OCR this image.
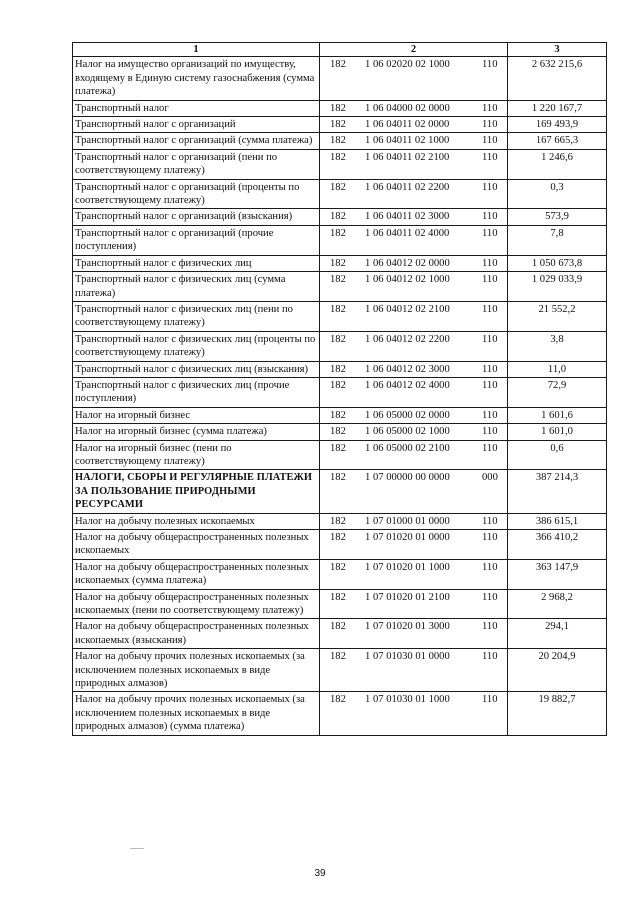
1	2	3
Налог на имущество организаций по имуществу, входящему в Единую систему газоснабжения (сумма платежа)	182 1 06 02020 02 1000 110	2 632 215,6
Транспортный налог	182 1 06 04000 02 0000 110	1 220 167,7
Транспортный налог с организаций	182 1 06 04011 02 0000 110	169 493,9
Транспортный налог с организаций (сумма платежа)	182 1 06 04011 02 1000 110	167 665,3
Транспортный налог с организаций (пени по соответствующему платежу)	182 1 06 04011 02 2100 110	1 246,6
Транспортный налог с организаций (проценты по соответствующему платежу)	182 1 06 04011 02 2200 110	0,3
Транспортный налог с организаций (взыскания)	182 1 06 04011 02 3000 110	573,9
Транспортный налог с организаций (прочие поступления)	182 1 06 04011 02 4000 110	7,8
Транспортный налог с физических лиц	182 1 06 04012 02 0000 110	1 050 673,8
Транспортный налог с физических лиц (сумма платежа)	182 1 06 04012 02 1000 110	1 029 033,9
Транспортный налог с физических лиц (пени по соответствующему платежу)	182 1 06 04012 02 2100 110	21 552,2
Транспортный налог с физических лиц (проценты по соответствующему платежу)	182 1 06 04012 02 2200 110	3,8
Транспортный налог с физических лиц (взыскания)	182 1 06 04012 02 3000 110	11,0
Транспортный налог с физических лиц (прочие поступления)	182 1 06 04012 02 4000 110	72,9
Налог на игорный бизнес	182 1 06 05000 02 0000 110	1 601,6
Налог на игорный бизнес (сумма платежа)	182 1 06 05000 02 1000 110	1 601,0
Налог на игорный бизнес (пени по соответствующему платежу)	182 1 06 05000 02 2100 110	0,6
НАЛОГИ, СБОРЫ И РЕГУЛЯРНЫЕ ПЛАТЕЖИ ЗА ПОЛЬЗОВАНИЕ ПРИРОДНЫМИ РЕСУРСАМИ	182 1 07 00000 00 0000 000	387 214,3
Налог на добычу полезных ископаемых	182 1 07 01000 01 0000 110	386 615,1
Налог на добычу общераспространенных полезных ископаемых	182 1 07 01020 01 0000 110	366 410,2
Налог на добычу общераспространенных полезных ископаемых (сумма платежа)	182 1 07 01020 01 1000 110	363 147,9
Налог на добычу общераспространенных полезных ископаемых (пени по соответствующему платежу)	182 1 07 01020 01 2100 110	2 968,2
Налог на добычу общераспространенных полезных ископаемых (взыскания)	182 1 07 01020 01 3000 110	294,1
Налог на добычу прочих полезных ископаемых (за исключением полезных ископаемых в виде природных алмазов)	182 1 07 01030 01 0000 110	20 204,9
Налог на добычу прочих полезных ископаемых (за исключением полезных ископаемых в виде природных алмазов) (сумма платежа)	182 1 07 01030 01 1000 110	19 882,7
39
